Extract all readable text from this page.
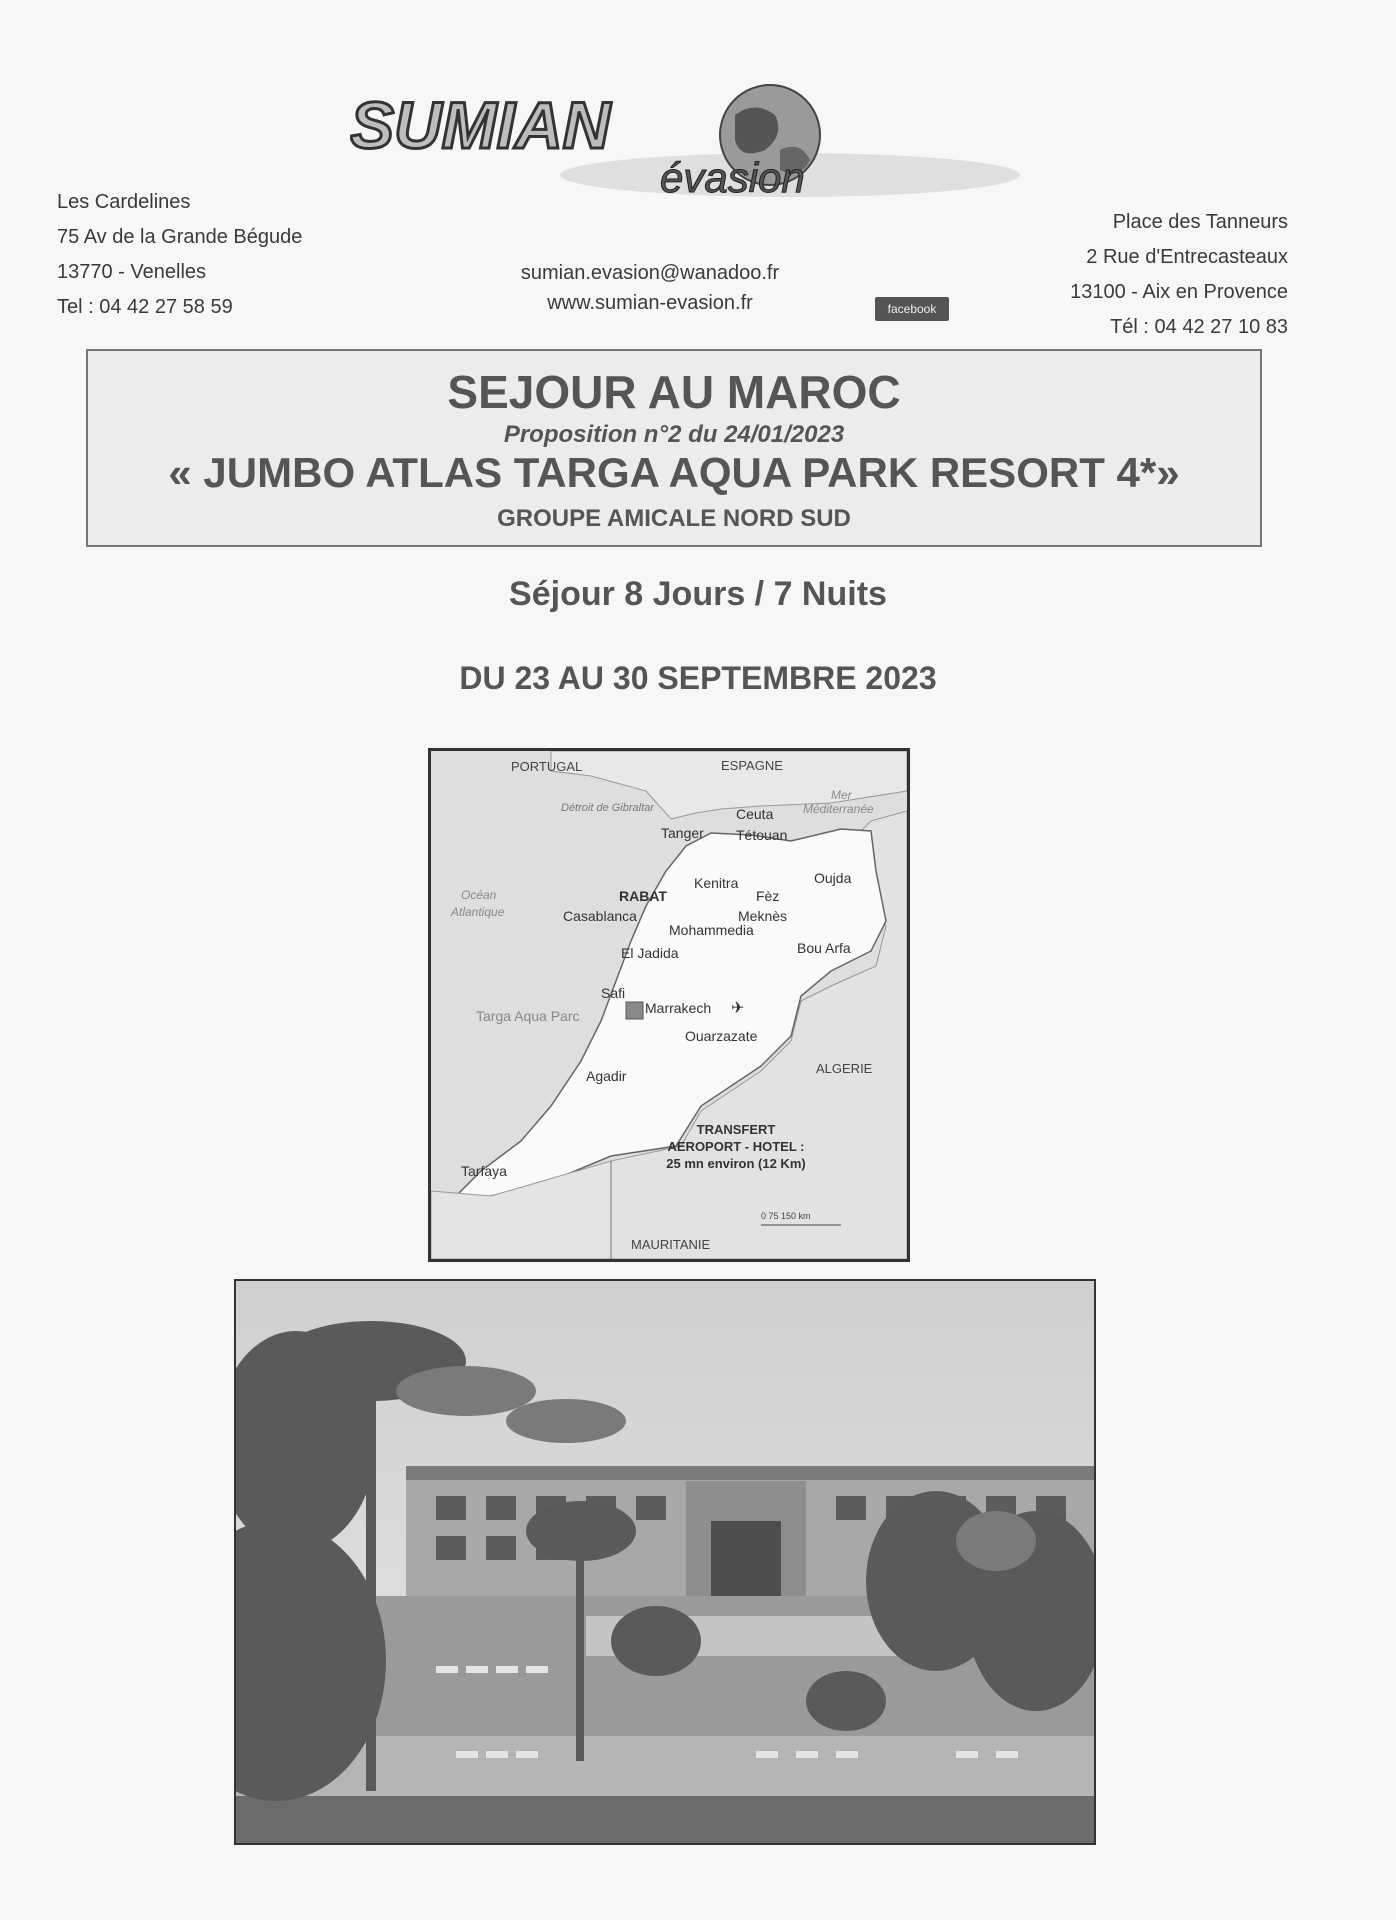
SUMIAN
évasion
Les Cardelines
75 Av de la Grande Bégude
13770 - Venelles
Tel : 04 42 27 58 59
sumian.evasion@wanadoo.fr
www.sumian-evasion.fr	facebook
Place des Tanneurs
2 Rue d'Entrecasteaux
13100 - Aix en Provence
Tél : 04 42 27 10 83
SEJOUR AU MAROC
Proposition n°2 du 24/01/2023
« JUMBO ATLAS TARGA AQUA PARK RESORT 4*»
GROUPE AMICALE NORD SUD
Séjour 8 Jours / 7 Nuits
DU 23 AU 30 SEPTEMBRE 2023
PORTUGAL	ESPAGNE
Détroit de Gibraltar
Mer
Méditerranée
Océan
Atlantique
Ceuta
Tanger Tétouan
Kenitra
RABAT	Fèz
Oujda
Casablanca	Meknès
Mohammedia
El Jadida	Bou Arfa
Safi
Targa Aqua Parc	Marrakech
Ouarzazate
Agadir
Tarfaya
✈
ALGERIE
TRANSFERT
AEROPORT - HOTEL :
25 mn environ (12 Km)
0 75 150 km
MAURITANIE
